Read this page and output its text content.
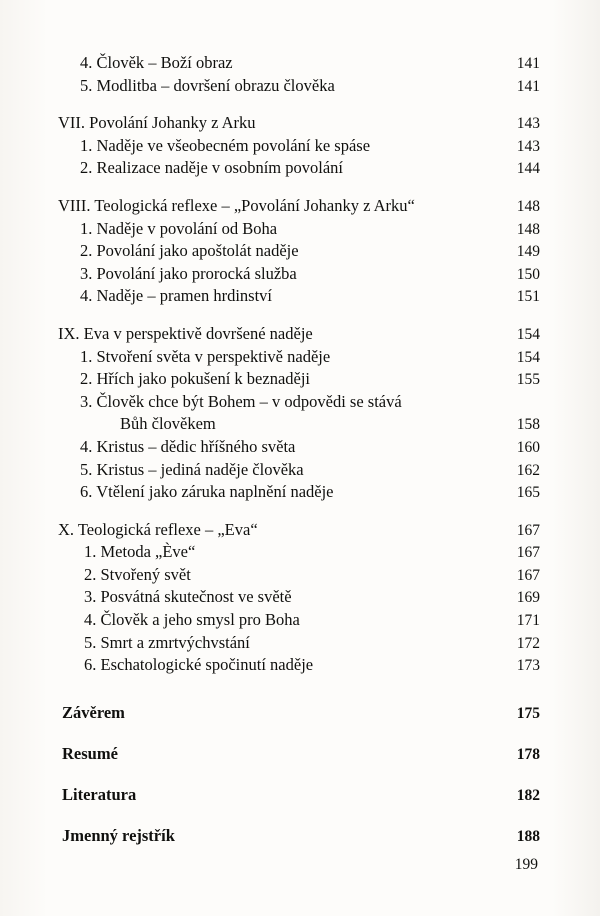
4. Člověk – Boží obraz	141
5. Modlitba – dovršení obrazu člověka	141
VII. Povolání Johanky z Arku	143
1. Naděje ve všeobecném povolání ke spáse	143
2. Realizace naděje v osobním povolání	144
VIII. Teologická reflexe – „Povolání Johanky z Arku“	148
1. Naděje v povolání od Boha	148
2. Povolání jako apoštolát naděje	149
3. Povolání jako prorocká služba	150
4. Naděje – pramen hrdinství	151
IX. Eva v perspektivě dovršené naděje	154
1. Stvoření světa v perspektivě naděje	154
2. Hřích jako pokušení k beznaději	155
3. Člověk chce být Bohem – v odpovědi se stává
Bůh člověkem	158
4. Kristus – dědic hříšného světa	160
5. Kristus – jediná naděje člověka	162
6. Vtělení jako záruka naplnění naděje	165
X. Teologická reflexe – „Eva“	167
1. Metoda „Ève“	167
2. Stvořený svět	167
3. Posvátná skutečnost ve světě	169
4. Člověk a jeho smysl pro Boha	171
5. Smrt a zmrtvýchvstání	172
6. Eschatologické spočinutí naděje	173
Závěrem	175
Resumé	178
Literatura	182
Jmenný rejstřík	188
199
